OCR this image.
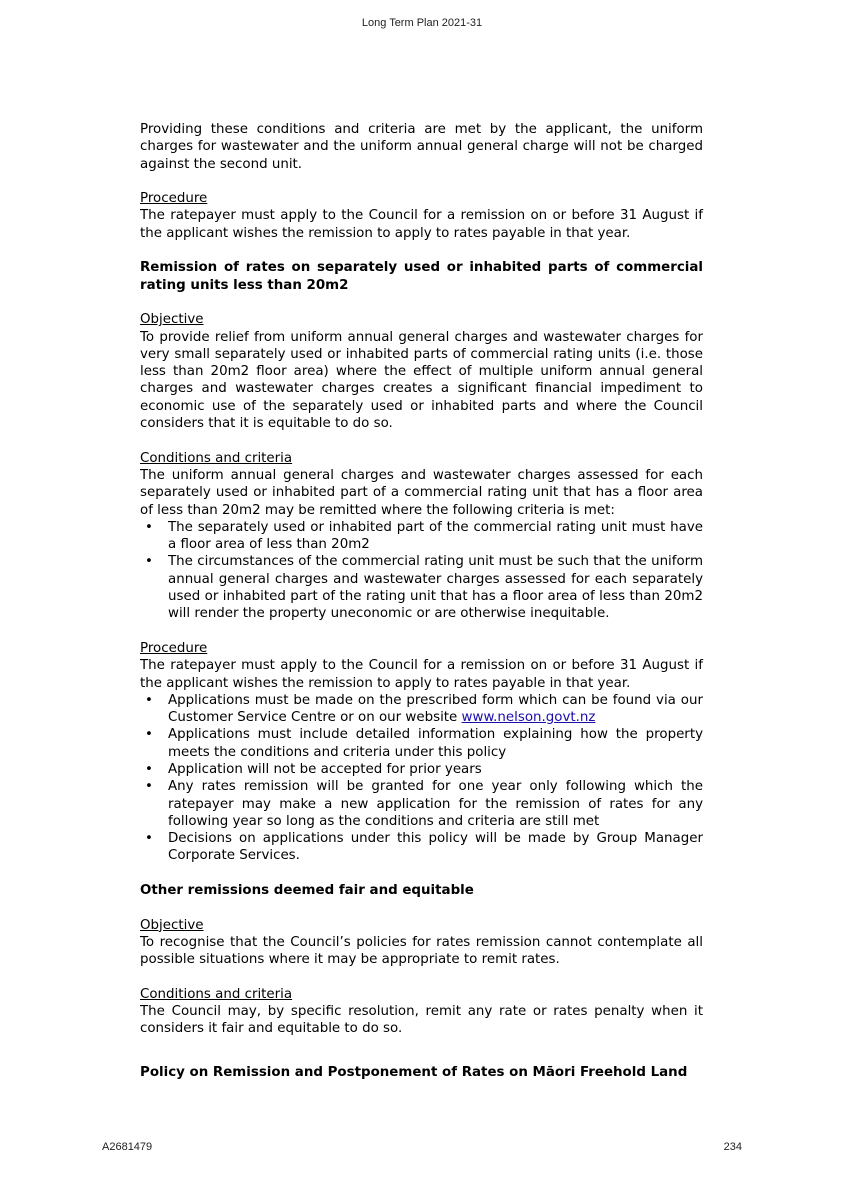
Long Term Plan 2021-31

Providing these conditions and criteria are met by the applicant, the uniform charges for wastewater and the uniform annual general charge will not be charged against the second unit.

Procedure

The ratepayer must apply to the Council for a remission on or before 31 August if the applicant wishes the remission to apply to rates payable in that year.

Remission of rates on separately used or inhabited parts of commercial rating units less than 20m2

Objective

To provide relief from uniform annual general charges and wastewater charges for very small separately used or inhabited parts of commercial rating units (i.e. those less than 20m2 floor area) where the effect of multiple uniform annual general charges and wastewater charges creates a significant financial impediment to economic use of the separately used or inhabited parts and where the Council considers that it is equitable to do so.

Conditions and criteria

The uniform annual general charges and wastewater charges assessed for each separately used or inhabited part of a commercial rating unit that has a floor area of less than 20m2 may be remitted where the following criteria is met:

• The separately used or inhabited part of the commercial rating unit must have a floor area of less than 20m2
• The circumstances of the commercial rating unit must be such that the uniform annual general charges and wastewater charges assessed for each separately used or inhabited part of the rating unit that has a floor area of less than 20m2 will render the property uneconomic or are otherwise inequitable.

Procedure

The ratepayer must apply to the Council for a remission on or before 31 August if the applicant wishes the remission to apply to rates payable in that year.

• Applications must be made on the prescribed form which can be found via our Customer Service Centre or on our website www.nelson.govt.nz
• Applications must include detailed information explaining how the property meets the conditions and criteria under this policy
• Application will not be accepted for prior years
• Any rates remission will be granted for one year only following which the ratepayer may make a new application for the remission of rates for any following year so long as the conditions and criteria are still met
• Decisions on applications under this policy will be made by Group Manager Corporate Services.

Other remissions deemed fair and equitable

Objective

To recognise that the Council’s policies for rates remission cannot contemplate all possible situations where it may be appropriate to remit rates.

Conditions and criteria

The Council may, by specific resolution, remit any rate or rates penalty when it considers it fair and equitable to do so.

Policy on Remission and Postponement of Rates on Māori Freehold Land

A2681479	234
